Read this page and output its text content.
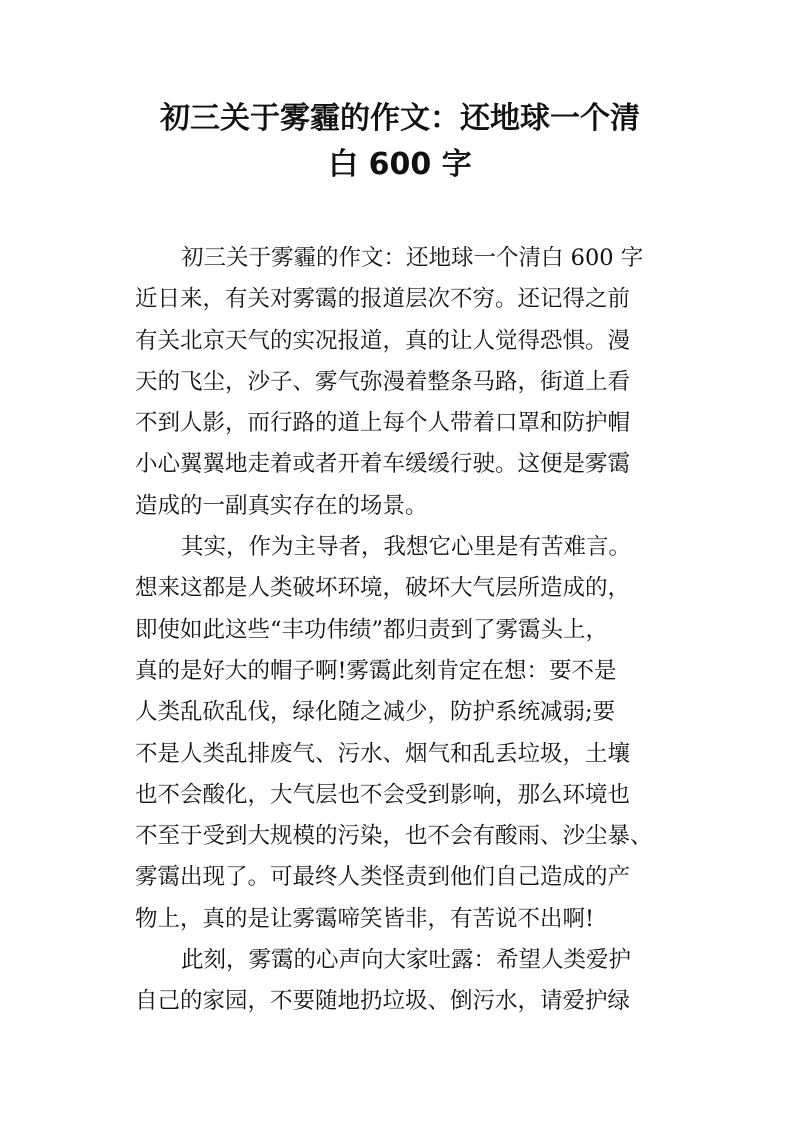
初三关于雾霾的作文：还地球一个清
白 600 字
初三关于雾霾的作文：还地球一个清白 600 字
近日来，有关对雾霭的报道层次不穷。还记得之前
有关北京天气的实况报道，真的让人觉得恐惧。漫
天的飞尘，沙子、雾气弥漫着整条马路，街道上看
不到人影，而行路的道上每个人带着口罩和防护帽
小心翼翼地走着或者开着车缓缓行驶。这便是雾霭
造成的一副真实存在的场景。
其实，作为主导者，我想它心里是有苦难言。
想来这都是人类破坏环境，破坏大气层所造成的，
即使如此这些“丰功伟绩”都归责到了雾霭头上，
真的是好大的帽子啊!雾霭此刻肯定在想：要不是
人类乱砍乱伐，绿化随之减少，防护系统减弱;要
不是人类乱排废气、污水、烟气和乱丢垃圾，土壤
也不会酸化，大气层也不会受到影响，那么环境也
不至于受到大规模的污染，也不会有酸雨、沙尘暴、
雾霭出现了。可最终人类怪责到他们自己造成的产
物上，真的是让雾霭啼笑皆非，有苦说不出啊!
此刻，雾霭的心声向大家吐露：希望人类爱护
自己的家园，不要随地扔垃圾、倒污水，请爱护绿
